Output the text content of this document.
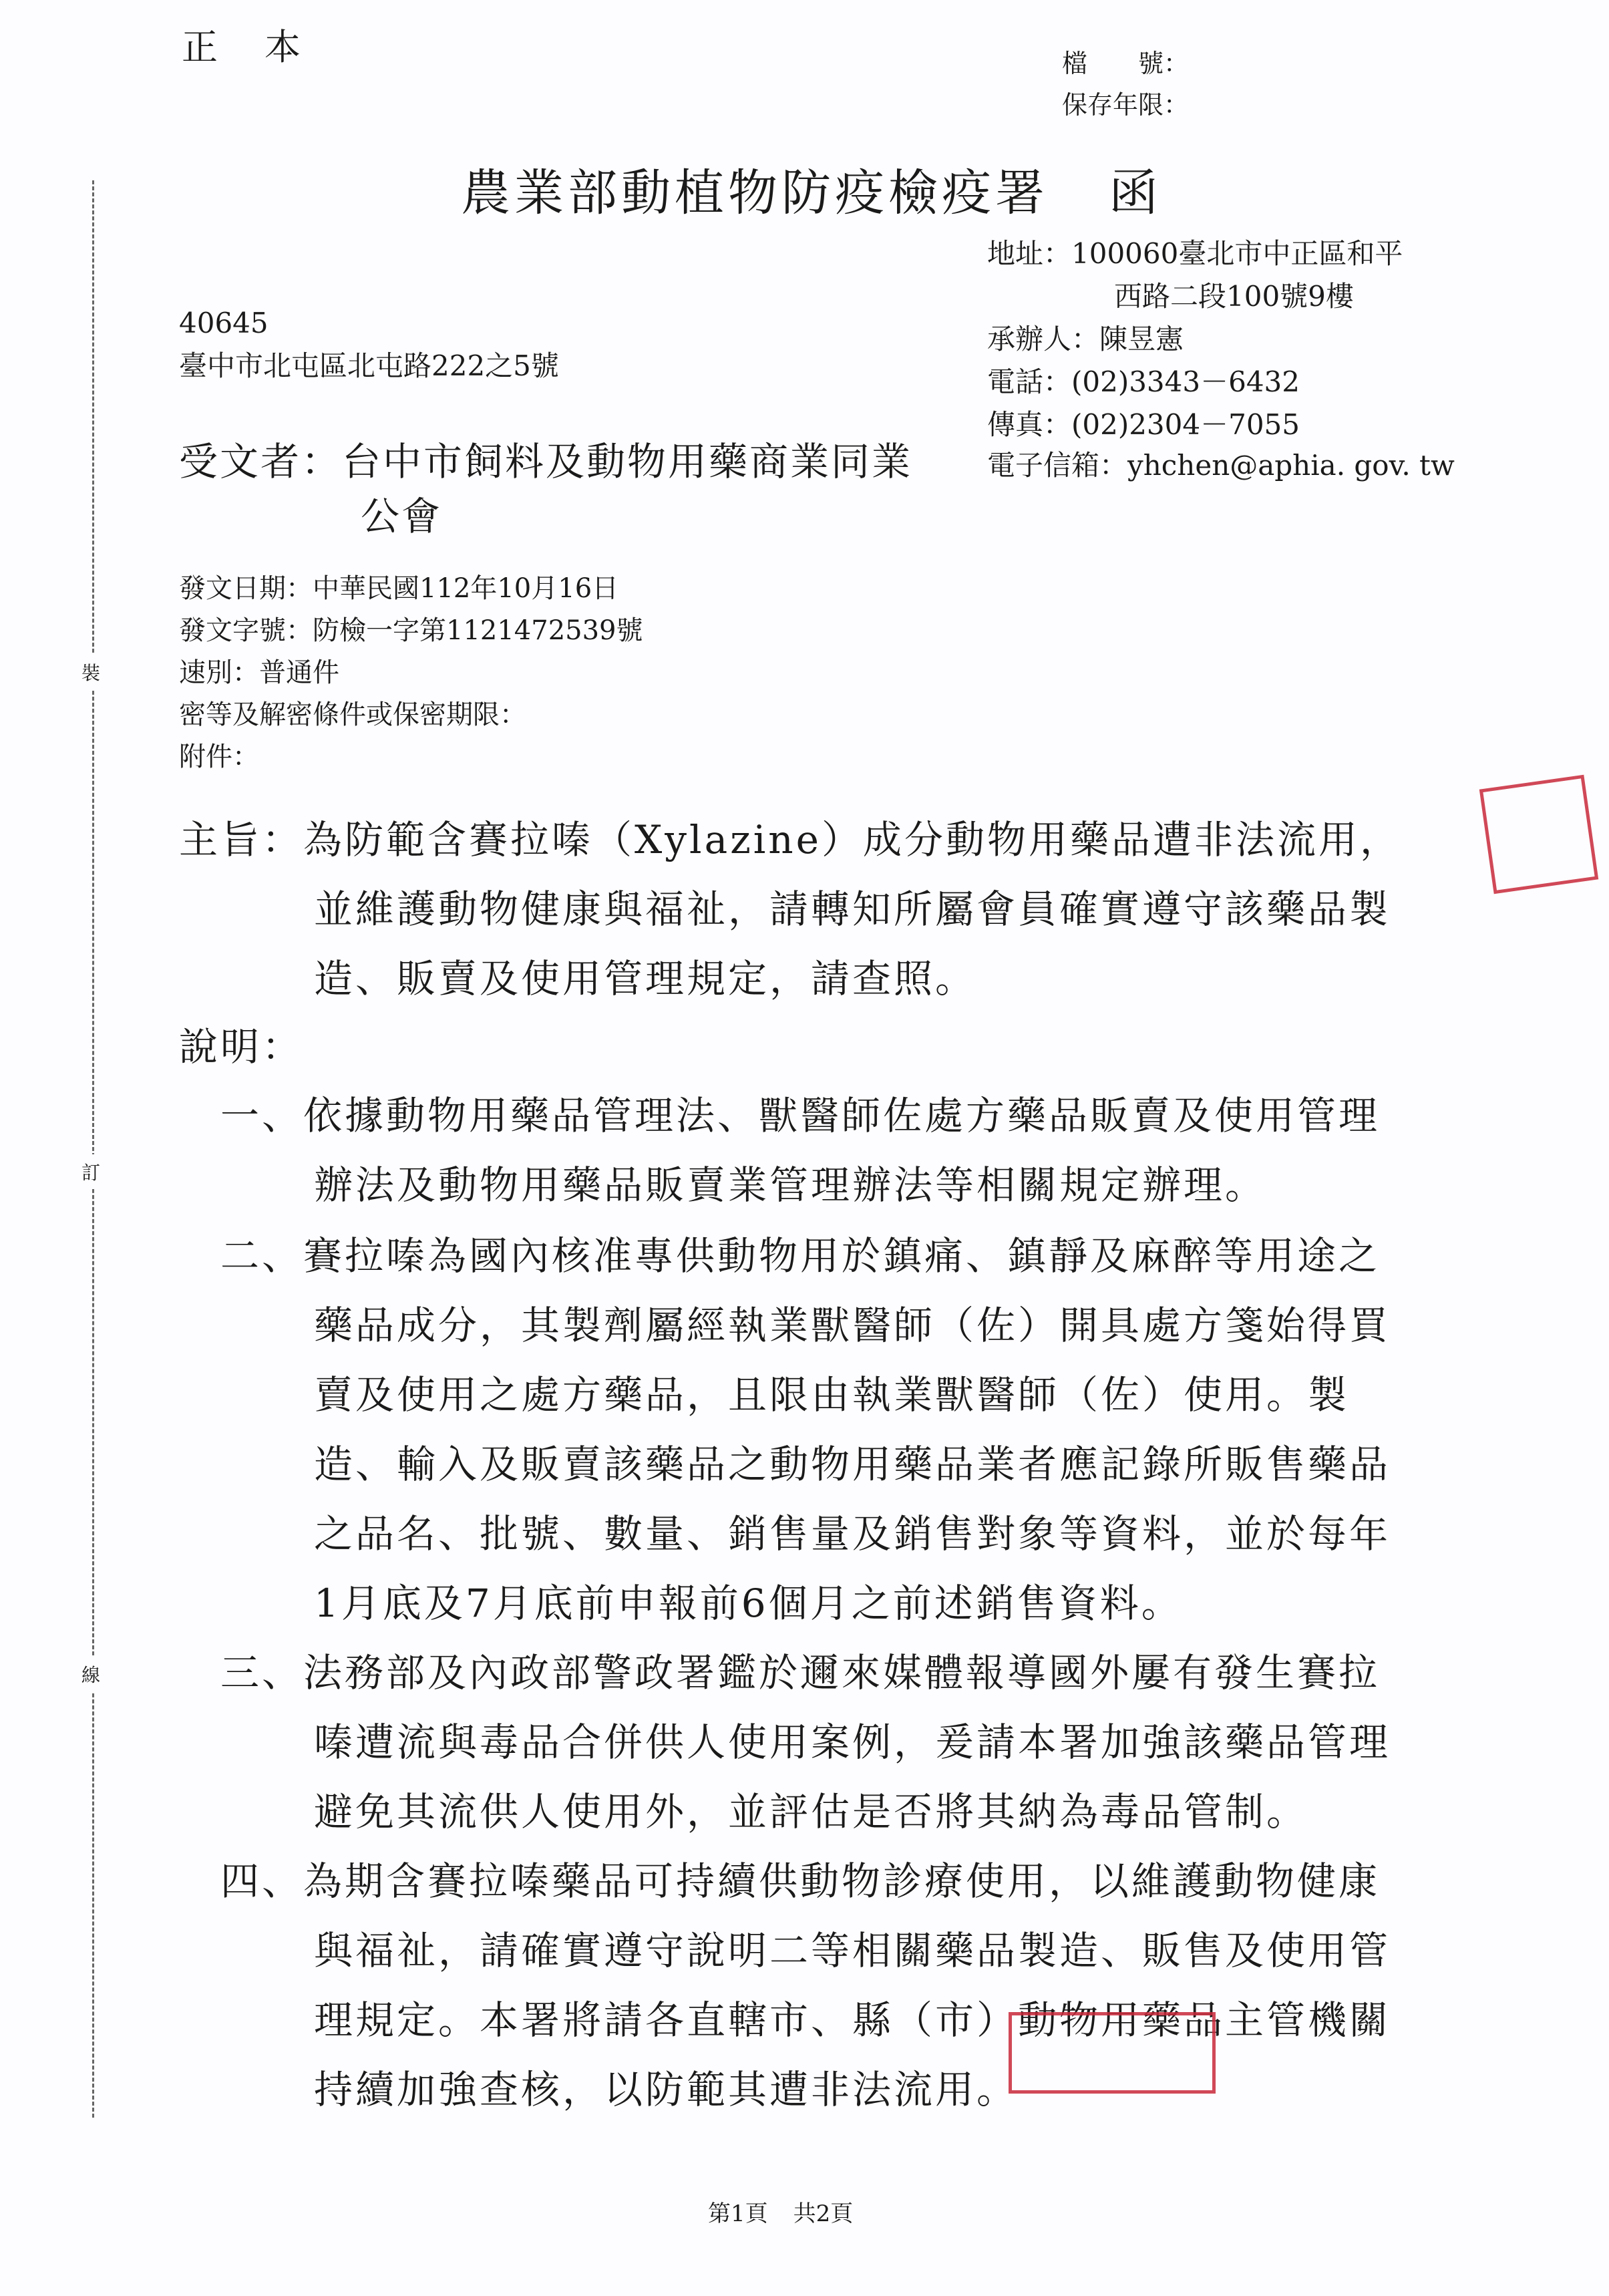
正本	檔　　號：
保存年限：
農業部動植物防疫檢疫署 函
地址：100060臺北市中正區和平
西路二段100號9樓
承辦人：陳昱憲
電話：(02)3343－6432
傳真：(02)2304－7055
電子信箱：yhchen@aphia. gov. tw
40645
臺中市北屯區北屯路222之5號
受文者：台中市飼料及動物用藥商業同業
公會
發文日期：中華民國112年10月16日
發文字號：防檢一字第1121472539號
速別：普通件
密等及解密條件或保密期限：
附件：
主旨：為防範含賽拉嗪（Xylazine）成分動物用藥品遭非法流用，
並維護動物健康與福祉，請轉知所屬會員確實遵守該藥品製
造、販賣及使用管理規定，請查照。
說明：
一、依據動物用藥品管理法、獸醫師佐處方藥品販賣及使用管理
辦法及動物用藥品販賣業管理辦法等相關規定辦理。
二、賽拉嗪為國內核准專供動物用於鎮痛、鎮靜及麻醉等用途之
藥品成分，其製劑屬經執業獸醫師（佐）開具處方箋始得買
賣及使用之處方藥品，且限由執業獸醫師（佐）使用。製
造、輸入及販賣該藥品之動物用藥品業者應記錄所販售藥品
之品名、批號、數量、銷售量及銷售對象等資料，並於每年
1月底及7月底前申報前6個月之前述銷售資料。
三、法務部及內政部警政署鑑於邇來媒體報導國外屢有發生賽拉
嗪遭流與毒品合併供人使用案例，爰請本署加強該藥品管理
避免其流供人使用外，並評估是否將其納為毒品管制。
四、為期含賽拉嗪藥品可持續供動物診療使用，以維護動物健康
與福祉，請確實遵守說明二等相關藥品製造、販售及使用管
理規定。本署將請各直轄市、縣（市）動物用藥品主管機關
持續加強查核，以防範其遭非法流用。
裝
訂
線
第1頁 共2頁
